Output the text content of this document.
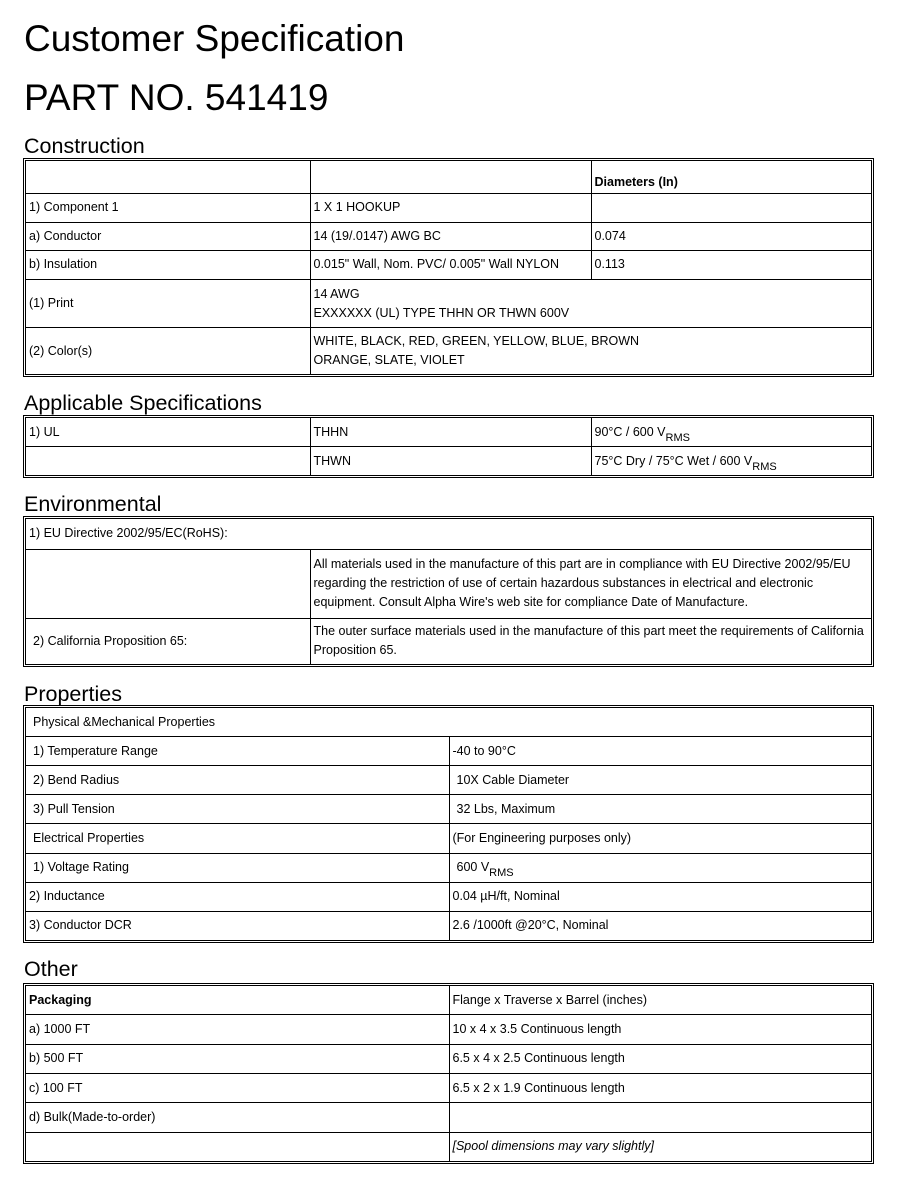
Customer Specification
PART NO. 541419
Construction
		Diameters (In)
1) Component 1	1 X 1 HOOKUP	
a) Conductor	14 (19/.0147) AWG BC	0.074
b) Insulation	0.015" Wall, Nom. PVC/ 0.005" Wall NYLON	0.113
(1) Print	14 AWG
EXXXXXX (UL) TYPE THHN OR THWN 600V	

(2) Color(s)	WHITE, BLACK, RED, GREEN, YELLOW, BLUE, BROWN
ORANGE, SLATE, VIOLET	
Applicable Specifications
1) UL	THHN	90°C / 600 $V_{RMS}$
	THWN	75°C Dry / 75°C Wet / 600 $V_{RMS}$
Environmental
1) EU Directive 2002/95/EC(RoHS):	
	All materials used in the manufacture of this part are in compliance with EU Directive 2002/95/EU regarding the restriction of use of certain hazardous substances in electrical and electronic equipment. Consult Alpha Wire's web site for compliance Date of Manufacture.
2) California Proposition 65:	The outer surface materials used in the manufacture of this part meet the requirements of California Proposition 65.
Properties
Physical &Mechanical Properties	
1) Temperature Range	-40 to 90°C
2) Bend Radius	10X Cable Diameter
3) Pull Tension	32 Lbs, Maximum
Electrical Properties	(For Engineering purposes only)
1) Voltage Rating	600 $V_{RMS}$
2) Inductance	0.04 µH/ft, Nominal
3) Conductor DCR	2.6 /1000ft @20°C, Nominal
Other
Packaging	Flange x Traverse x Barrel (inches)
a) 1000 FT	10 x 4 x 3.5 Continuous length
b) 500 FT	6.5 x 4 x 2.5 Continuous length
c) 100 FT	6.5 x 2 x 1.9 Continuous length
d) Bulk(Made-to-order)	
	[Spool dimensions may vary slightly]
